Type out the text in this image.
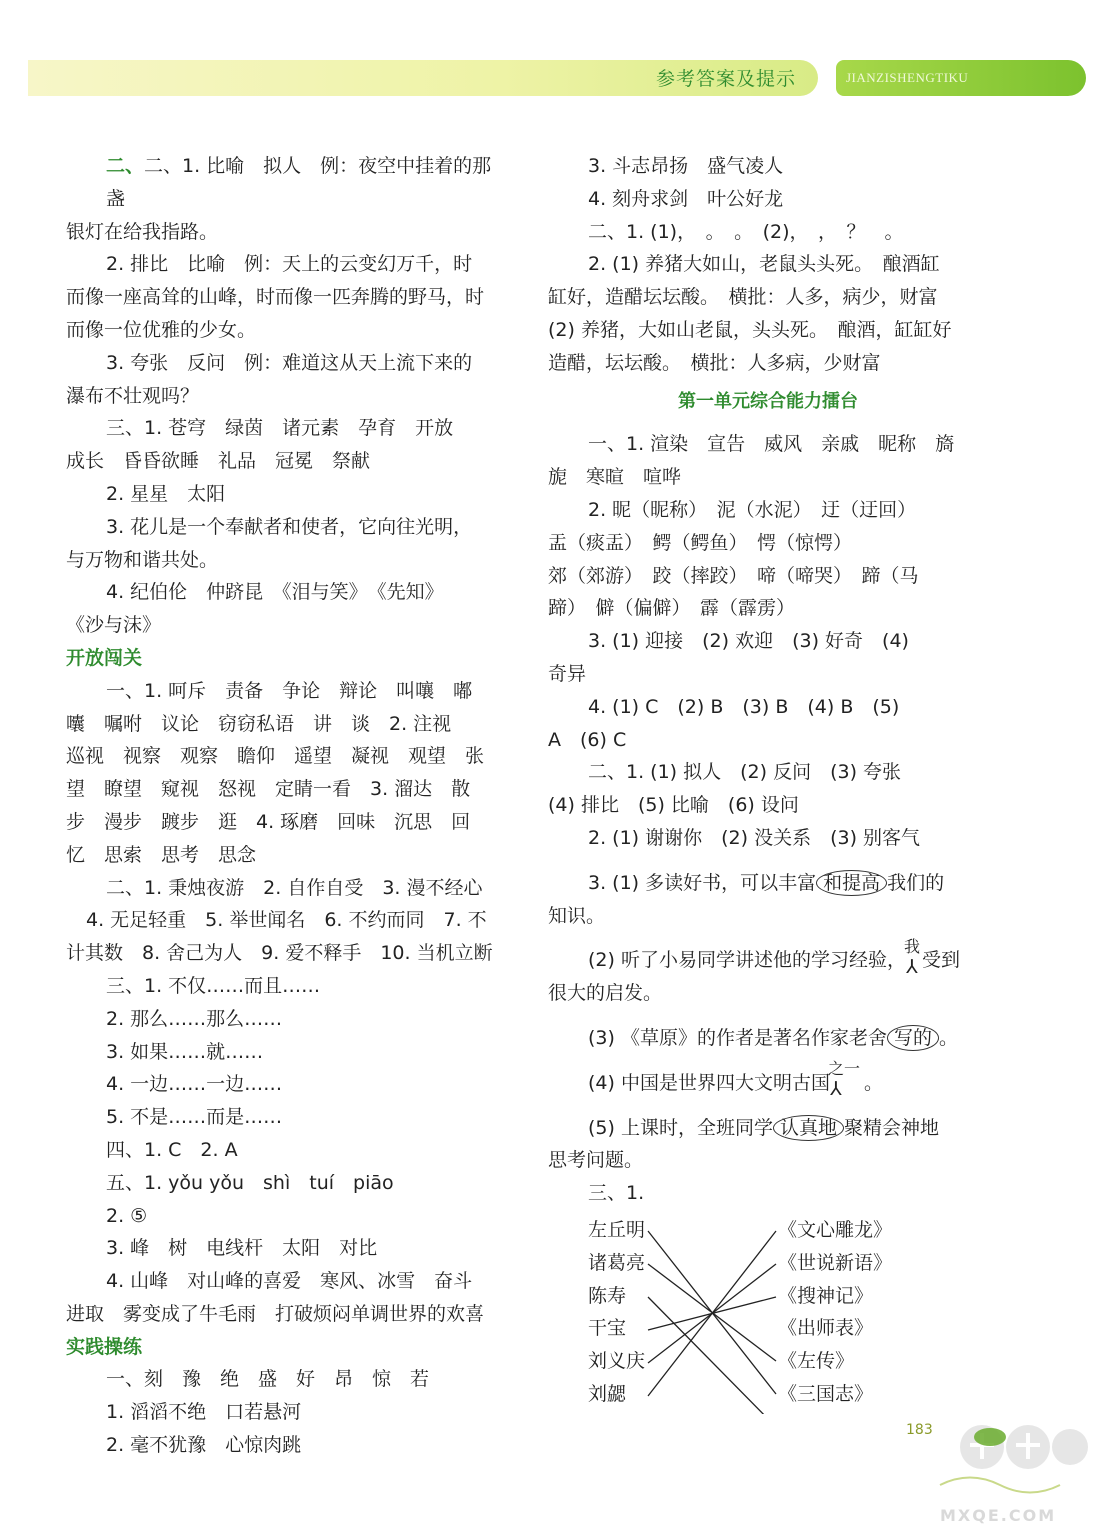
参考答案及提示	JIANZISHENGTIKU

二、二、1. 比喻　拟人　例：夜空中挂着的那盏

银灯在给我指路。

2. 排比　比喻　例：天上的云变幻万千，时

而像一座高耸的山峰，时而像一匹奔腾的野马，时

而像一位优雅的少女。

3. 夸张　反问　例：难道这从天上流下来的

瀑布不壮观吗？

三、1. 苍穹　绿茵　诸元素　孕育　开放

成长　昏昏欲睡　礼品　冠冕　祭献

2. 星星　太阳

3. 花儿是一个奉献者和使者，它向往光明，

与万物和谐共处。

4. 纪伯伦　仲跻昆　《泪与笑》　《先知》

《沙与沫》

开放闯关

一、1. 呵斥　责备　争论　辩论　叫嚷　嘟

囔　嘱咐　议论　窃窃私语　讲　谈　2. 注视

巡视　视察　观察　瞻仰　遥望　凝视　观望　张

望　瞭望　窥视　怒视　定睛一看　3. 溜达　散

步　漫步　踱步　逛　4. 琢磨　回味　沉思　回

忆　思索　思考　思念

二、1. 秉烛夜游　2. 自作自受　3. 漫不经心

4. 无足轻重　5. 举世闻名　6. 不约而同　7. 不

计其数　8. 舍己为人　9. 爱不释手　10. 当机立断

三、1. 不仅……而且……

2. 那么……那么……

3. 如果……就……

4. 一边……一边……

5. 不是……而是……

四、1. C　2. A

五、1. yǒu yǒu　shì　tuí　piāo

2. ⑤

3. 峰　树　电线杆　太阳　对比

4. 山峰　对山峰的喜爱　寒风、冰雪　奋斗

进取　雾变成了牛毛雨　打破烦闷单调世界的欢喜

实践操练

一、刻　豫　绝　盛　好　昂　惊　若

1. 滔滔不绝　口若悬河

2. 毫不犹豫　心惊肉跳

3. 斗志昂扬　盛气凌人

4. 刻舟求剑　叶公好龙

二、1. (1)，　。　。　(2)，　，　？　。

2. (1) 养猪大如山，老鼠头头死。　酿酒缸

缸好，造醋坛坛酸。　横批：人多，病少，财富

(2) 养猪，大如山老鼠，头头死。　酿酒，缸缸好

造醋，坛坛酸。　横批：人多病，少财富

第一单元综合能力擂台

一、1. 渲染　宣告　威风　亲戚　昵称　旖

旎　寒暄　喧哗

2. 昵（昵称）　泥（水泥）　迂（迂回）

盂（痰盂）　鳄（鳄鱼）　愕（惊愕）

郊（郊游）　跤（摔跤）　啼（啼哭）　蹄（马

蹄）　僻（偏僻）　霹（霹雳）

3. (1) 迎接　(2) 欢迎　(3) 好奇　(4)

奇异

4. (1) C　(2) B　(3) B　(4) B　(5)

A　(6) C

二、1. (1) 拟人　(2) 反问　(3) 夸张

(4) 排比　(5) 比喻　(6) 设问

2. (1) 谢谢你　(2) 没关系　(3) 别客气

3. (1) 多读好书，可以丰富 和提高 我们的

知识。

(2) 听了小易同学讲述他的学习经验，
我
⅄ 受到

很大的启发。

(3) 《草原》的作者是著名作家老舍 写的 。

(4) 中国是世界四大文明古国
之一
⅄ 。

(5) 上课时，全班同学 认真地 聚精会神地

思考问题。

三、1.

左丘明
诸葛亮
陈寿
干宝
刘义庆
刘勰
《文心雕龙》
《世说新语》
《搜神记》
《出师表》
《左传》
《三国志》
183
MXQE.COM
